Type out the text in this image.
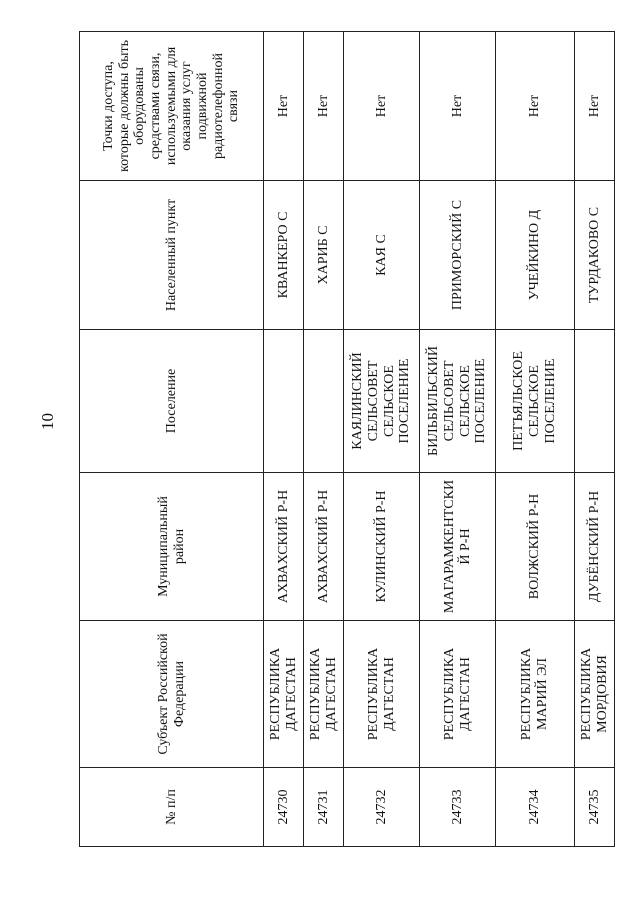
10
№ п/п	Субъект Российской Федерации	Муниципальный район	Поселение	Населенный пункт	Точки доступа, которые должны быть оборудованы средствами связи, используемыми для оказания услуг подвижной радиотелефонной связи
24730	РЕСПУБЛИКА ДАГЕСТАН	АХВАХСКИЙ Р-Н		КВАНКЕРО С	Нет
24731	РЕСПУБЛИКА ДАГЕСТАН	АХВАХСКИЙ Р-Н		ХАРИБ С	Нет
24732	РЕСПУБЛИКА ДАГЕСТАН	КУЛИНСКИЙ Р-Н	КАЯЛИНСКИЙ СЕЛЬСОВЕТ СЕЛЬСКОЕ ПОСЕЛЕНИЕ	КАЯ С	Нет
24733	РЕСПУБЛИКА ДАГЕСТАН	МАГАРАМКЕНТСКИЙ Р-Н	БИЛЬБИЛЬСКИЙ СЕЛЬСОВЕТ СЕЛЬСКОЕ ПОСЕЛЕНИЕ	ПРИМОРСКИЙ С	Нет
24734	РЕСПУБЛИКА МАРИЙ ЭЛ	ВОЛЖСКИЙ Р-Н	ПЕТЪЯЛЬСКОЕ СЕЛЬСКОЕ ПОСЕЛЕНИЕ	УЧЕЙКИНО Д	Нет
24735	РЕСПУБЛИКА МОРДОВИЯ	ДУБЁНСКИЙ Р-Н		ТУРДАКОВО С	Нет
